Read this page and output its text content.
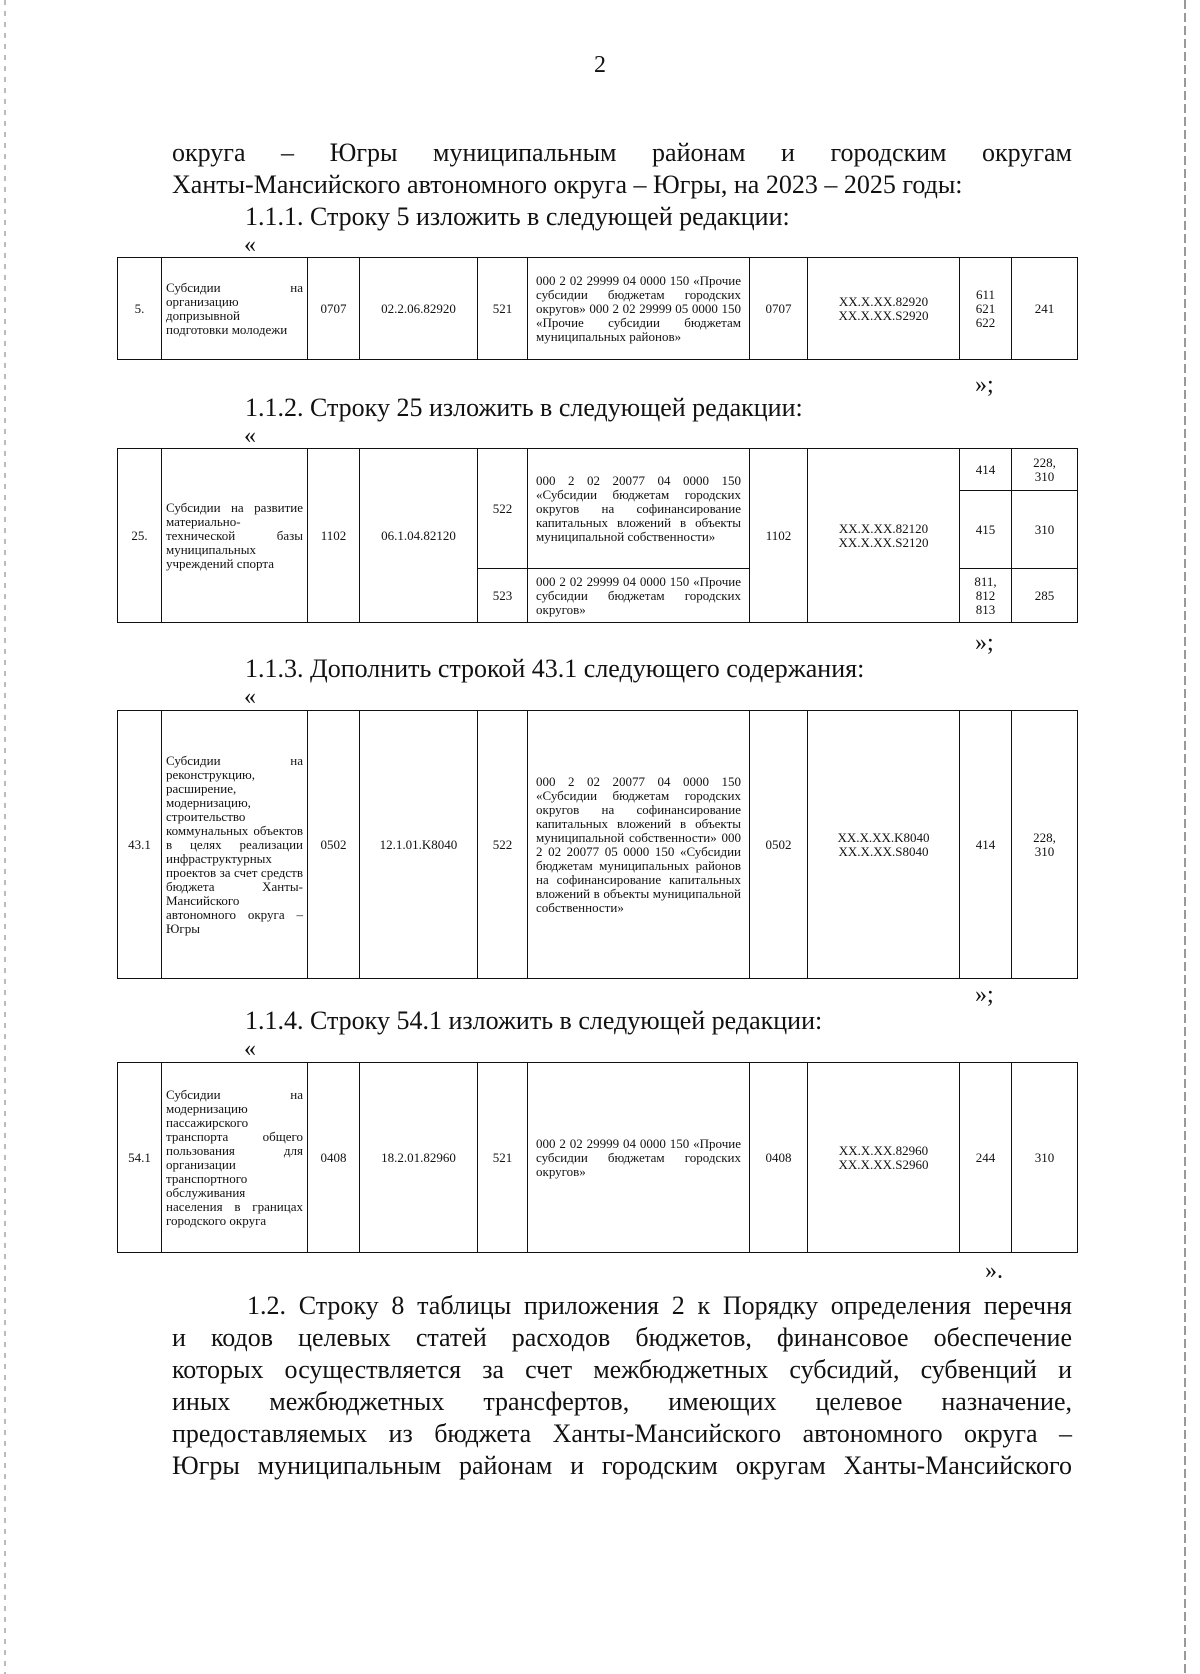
2
округа – Югры муниципальным районам и городским округам
Ханты-Мансийского автономного округа – Югры, на 2023 – 2025 годы:
1.1.1. Строку 5 изложить в следующей редакции:
«
5.	Субсидии на организацию допризывной подготовки молодежи	0707	02.2.06.82920	521	000 2 02 29999 04 0000 150 «Прочие субсидии бюджетам городских округов» 000 2 02 29999 05 0000 150 «Прочие субсидии бюджетам муниципальных районов»	0707	XX.X.XX.82920
XX.X.XX.S2920	611
621
622	241
»;
1.1.2. Строку 25 изложить в следующей редакции:
«
25.	Субсидии на развитие материально-технической базы муниципальных учреждений спорта	1102	06.1.04.82120	522	000 2 02 20077 04 0000 150 «Субсидии бюджетам городских округов на софинансирование капитальных вложений в объекты муниципальной собственности»	1102	XX.X.XX.82120
XX.X.XX.S2120	414	228,
310
								415	310
				523	000 2 02 29999 04 0000 150 «Прочие субсидии бюджетам городских округов»			811,
812
813	285
»;
1.1.3. Дополнить строкой 43.1 следующего содержания:
«
43.1	Субсидии на реконструкцию, расширение, модернизацию, строительство коммунальных объектов в целях реализации инфраструктурных проектов за счет средств бюджета Ханты-Мансийского автономного округа – Югры	0502	12.1.01.K8040	522	000 2 02 20077 04 0000 150 «Субсидии бюджетам городских округов на софинансирование капитальных вложений в объекты муниципальной собственности» 000 2 02 20077 05 0000 150 «Субсидии бюджетам муниципальных районов на софинансирование капитальных вложений в объекты муниципальной собственности»	0502	XX.X.XX.K8040
XX.X.XX.S8040	414	228,
310
»;
1.1.4. Строку 54.1 изложить в следующей редакции:
«
54.1	Субсидии на модернизацию пассажирского транспорта общего пользования для организации транспортного обслуживания населения в границах городского округа	0408	18.2.01.82960	521	000 2 02 29999 04 0000 150 «Прочие субсидии бюджетам городских округов»	0408	XX.X.XX.82960
XX.X.XX.S2960	244	310
».
1.2. Строку 8 таблицы приложения 2 к Порядку определения перечня
и кодов целевых статей расходов бюджетов, финансовое обеспечение
которых осуществляется за счет межбюджетных субсидий, субвенций и
иных межбюджетных трансфертов, имеющих целевое назначение,
предоставляемых из бюджета Ханты-Мансийского автономного округа –
Югры муниципальным районам и городским округам Ханты-Мансийского
